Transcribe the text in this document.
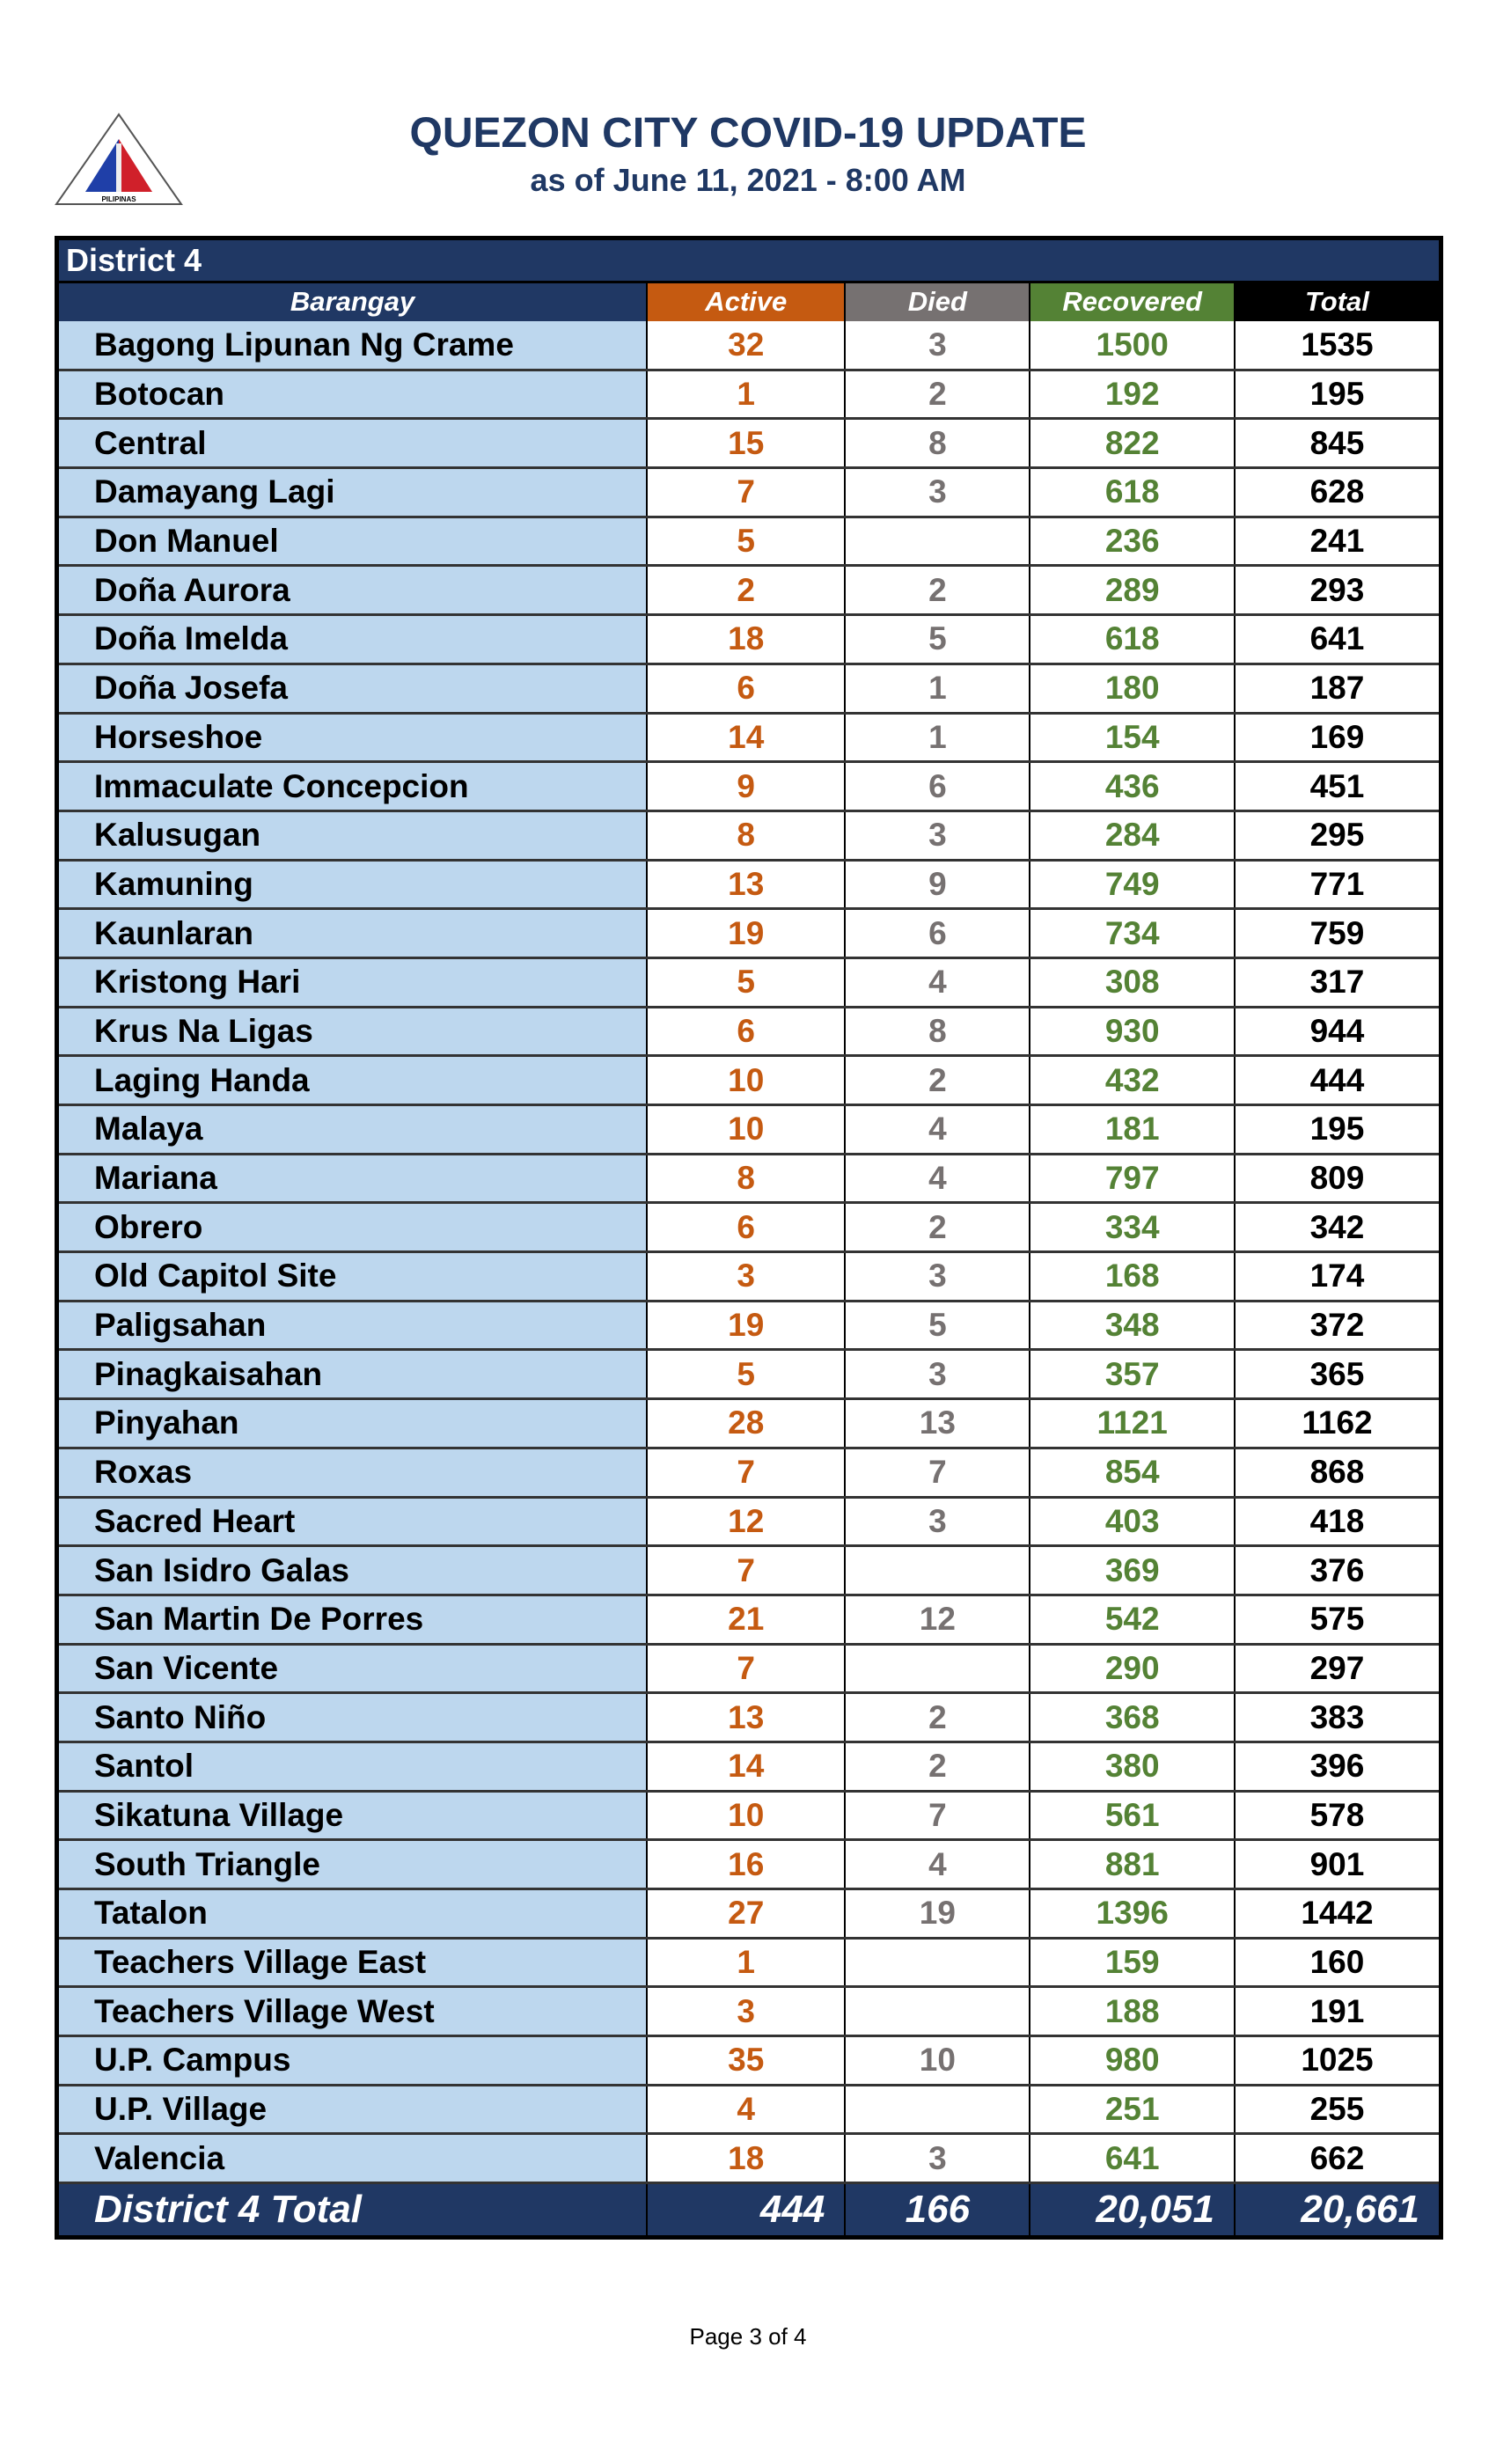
PILIPINAS
QUEZON CITY COVID-19 UPDATE
as of June 11, 2021 - 8:00 AM
District 4				
Barangay	Active	Died	Recovered	Total
Bagong Lipunan Ng Crame	32	3	1500	1535
Botocan	1	2	192	195
Central	15	8	822	845
Damayang Lagi	7	3	618	628
Don Manuel	5		236	241
Doña Aurora	2	2	289	293
Doña Imelda	18	5	618	641
Doña Josefa	6	1	180	187
Horseshoe	14	1	154	169
Immaculate Concepcion	9	6	436	451
Kalusugan	8	3	284	295
Kamuning	13	9	749	771
Kaunlaran	19	6	734	759
Kristong Hari	5	4	308	317
Krus Na Ligas	6	8	930	944
Laging Handa	10	2	432	444
Malaya	10	4	181	195
Mariana	8	4	797	809
Obrero	6	2	334	342
Old Capitol Site	3	3	168	174
Paligsahan	19	5	348	372
Pinagkaisahan	5	3	357	365
Pinyahan	28	13	1121	1162
Roxas	7	7	854	868
Sacred Heart	12	3	403	418
San Isidro Galas	7		369	376
San Martin De Porres	21	12	542	575
San Vicente	7		290	297
Santo Niño	13	2	368	383
Santol	14	2	380	396
Sikatuna Village	10	7	561	578
South Triangle	16	4	881	901
Tatalon	27	19	1396	1442
Teachers Village East	1		159	160
Teachers Village West	3		188	191
U.P. Campus	35	10	980	1025
U.P. Village	4		251	255
Valencia	18	3	641	662
District 4 Total	444	166	20,051	20,661
Page 3 of 4
